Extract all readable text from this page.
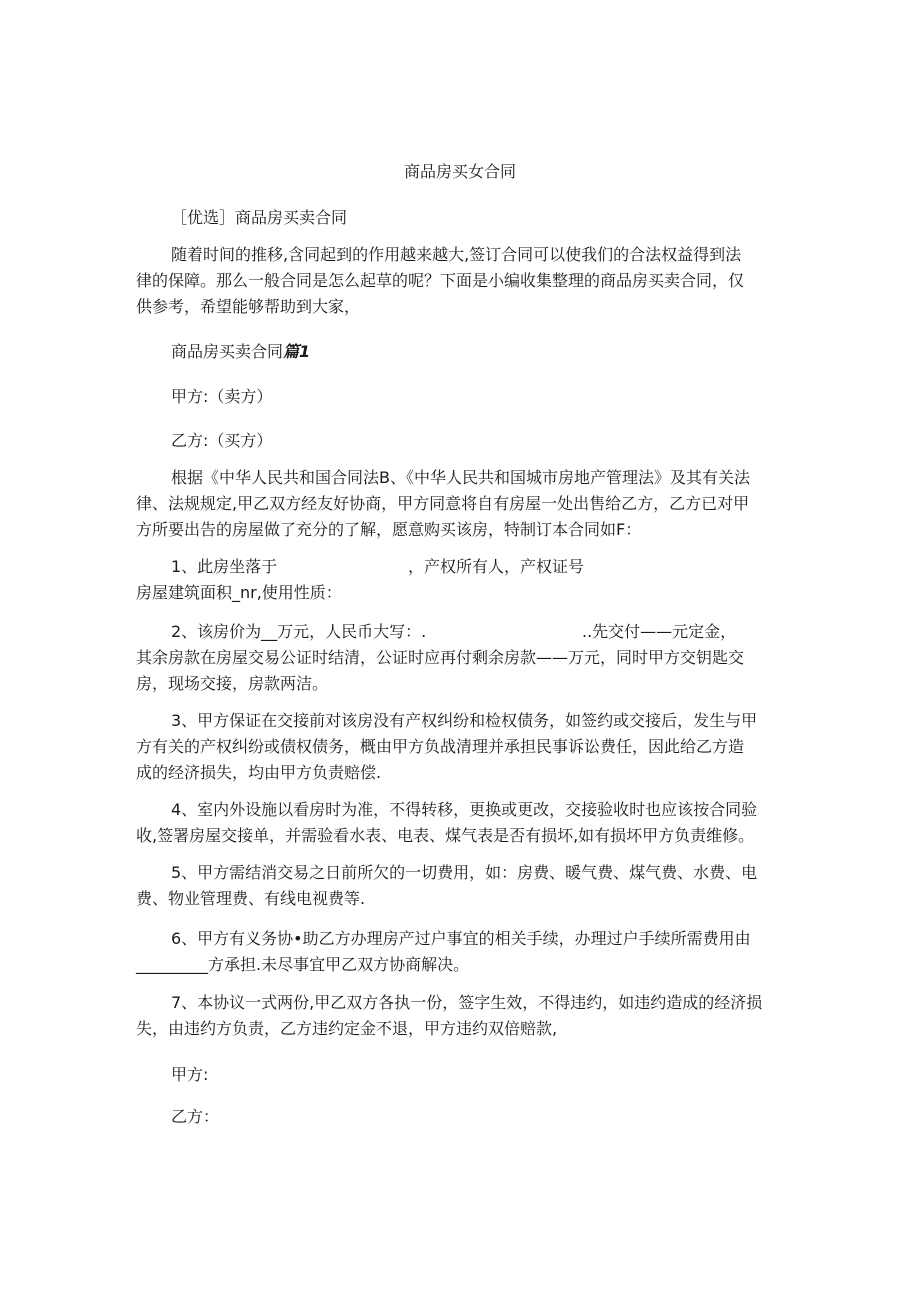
商品房买女合同
［优选］商品房买卖合同
随着时间的推移,含同起到的作用越来越大,签订合同可以使我们的合法权益得到法
律的保障。那么一般合同是怎么起草的呢？下面是小编收集整理的商品房买卖合同，仅
供参考，希望能够帮助到大家，
商品房买卖合同篇1
甲方:（卖方）
乙方:（买方）
根据《中华人民共和国合同法B、《中华人民共和国城市房地产管理法》及其有关法
律、法规规定,甲乙双方经友好协商，甲方同意将自有房屋一处出售给乙方，乙方已对甲
方所要出告的房屋做了充分的了解，愿意购买该房，特制订本合同如F：
1、此房坐落于	，产权所有人，产权证号
房屋建筑面积_nr,使用性质：
2、该房价为__万元，人民币大写：.	..先交付——元定金，
其余房款在房屋交易公证时结清，公证时应再付剩余房款——万元，同时甲方交钥匙交
房，现场交接，房款两洁。
3、甲方保证在交接前对该房没有产权纠纷和检权债务，如签约或交接后，发生与甲
方有关的产权纠纷或债权债务，概由甲方负战清理并承担民事诉讼费任，因此给乙方造
成的经济损失，均由甲方负责赔偿.
4、室内外设施以看房时为准，不得转移，更换或更改，交接验收时也应该按合同验
收,签署房屋交接单，并需验看水表、电表、煤气表是否有损坏,如有损坏甲方负责维修。
5、甲方需结消交易之日前所欠的一切费用，如：房费、暖气费、煤气费、水费、电
费、物业管理费、有线电视费等.
6、甲方有义务协•助乙方办理房产过户事宜的相关手续，办理过户手续所需费用由
_________方承担.未尽事宜甲乙双方协商解决。
7、本协议一式两份,甲乙双方各执一份，签字生效，不得违约，如违约造成的经济损
失，由违约方负责，乙方违约定金不退，甲方违约双倍赔款,
甲方:
乙方：
